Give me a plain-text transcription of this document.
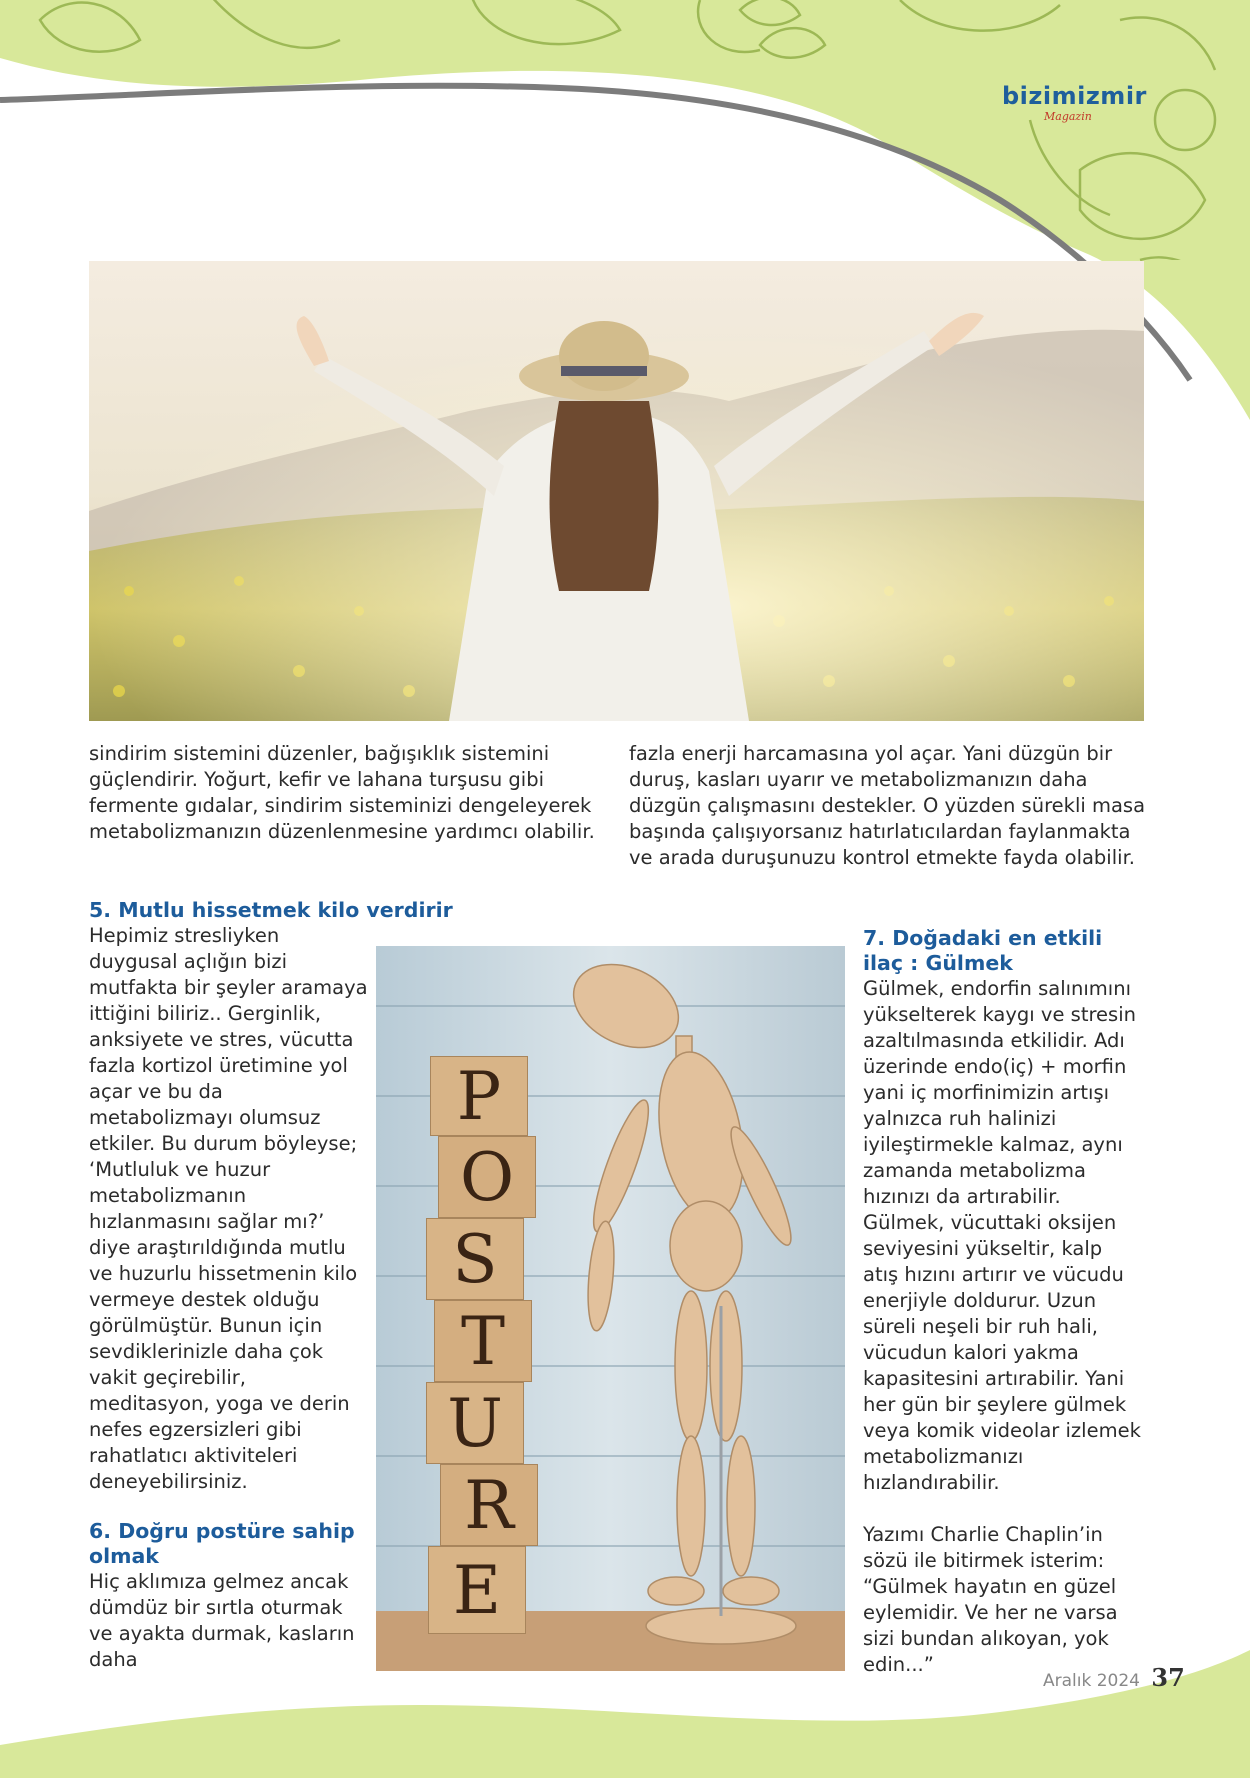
bizimizmir
Magazin
P
O
S
T
U
R
E

sindirim sistemini düzenler, bağışıklık sistemini güçlendirir. Yoğurt, kefir ve lahana turşusu gibi fermente gıdalar, sindirim sisteminizi dengeleyerek metabolizmanızın düzenlenmesine yardımcı olabilir.

5. Mutlu hissetmek kilo verdirir

Hepimiz stresliyken duygusal açlığın bizi mutfakta bir şeyler aramaya ittiğini biliriz.. Gerginlik, anksiyete ve stres, vücutta fazla kortizol üretimine yol açar ve bu da metabolizmayı olumsuz etkiler. Bu durum böyleyse; ‘Mutluluk ve huzur metabolizmanın hızlanmasını sağlar mı?’ diye araştırıldığında mutlu ve huzurlu hissetmenin kilo vermeye destek olduğu görülmüştür. Bunun için sevdiklerinizle daha çok vakit geçirebilir, meditasyon, yoga ve derin nefes egzersizleri gibi rahatlatıcı aktiviteleri deneyebilirsiniz.

6. Doğru postüre sahip olmak

Hiç aklımıza gelmez ancak dümdüz bir sırtla oturmak ve ayakta durmak, kasların daha

fazla enerji harcamasına yol açar. Yani düzgün bir duruş, kasları uyarır ve metabolizmanızın daha düzgün çalışmasını destekler. O yüzden sürekli masa başında çalışıyorsanız hatırlatıcılardan faylanmakta ve arada duruşunuzu kontrol etmekte fayda olabilir.

7. Doğadaki en etkili ilaç : Gülmek

Gülmek, endorfin salınımını yükselterek kaygı ve stresin azaltılmasında etkilidir. Adı üzerinde endo(iç) + morfin yani iç morfinimizin artışı yalnızca ruh halinizi iyileştirmekle kalmaz, aynı zamanda metabolizma hızınızı da artırabilir. Gülmek, vücuttaki oksijen seviyesini yükseltir, kalp atış hızını artırır ve vücudu enerjiyle doldurur. Uzun süreli neşeli bir ruh hali, vücudun kalori yakma kapasitesini artırabilir. Yani her gün bir şeylere gülmek veya komik videolar izlemek metabolizmanızı hızlandırabilir.

Yazımı Charlie Chaplin’in sözü ile bitirmek isterim: “Gülmek hayatın en güzel eylemidir. Ve her ne varsa sizi bundan alıkoyan, yok edin...”

Aralık 2024 37
